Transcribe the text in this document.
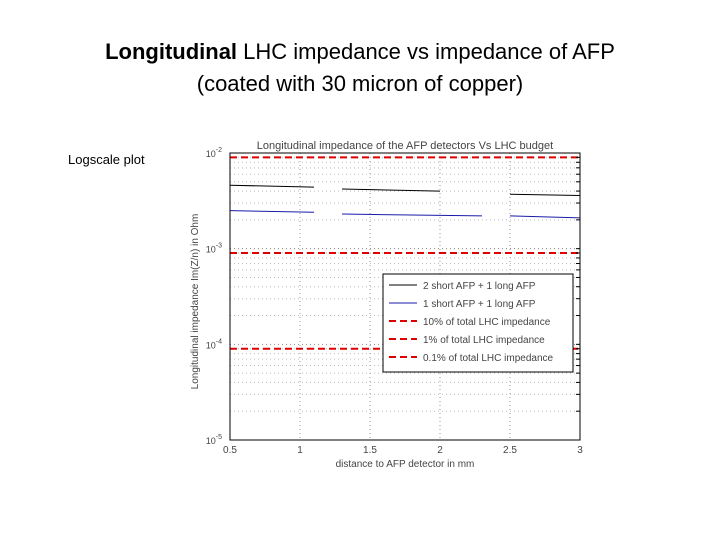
Longitudinal LHC impedance vs impedance of AFP
(coated with 30 micron of copper)
Logscale plot
0.5	1	1.5	2	2.5	3
$10^{-2}$
$10^{-3}$
$10^{-4}$
$10^{-5}$
Longitudinal impedance of the AFP detectors Vs LHC budget
distance to AFP detector in mm
Longitudinal impedance Im(Z/n) in Ohm	2 short AFP + 1 long AFP
1 short AFP + 1 long AFP
10% of total LHC impedance
1% of total LHC impedance
0.1% of total LHC impedance
